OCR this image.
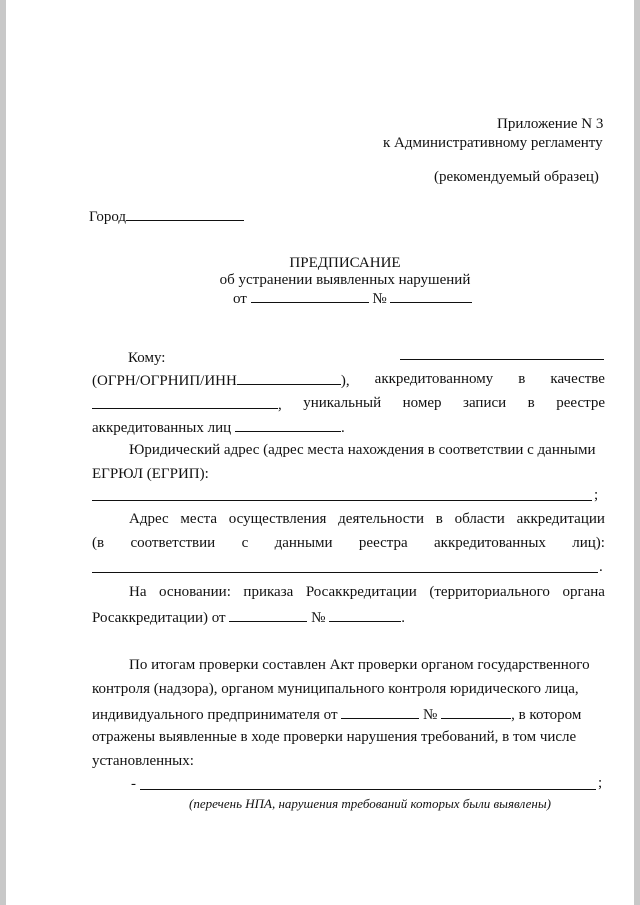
Приложение N 3
к Административному регламенту
(рекомендуемый образец)
Город
ПРЕДПИСАНИЕ
об устранении выявленных нарушений
от	№
Кому:
(ОГРН/ОГРНИП/ИНН	), аккредитованному в качестве
, уникальный номер записи в реестре
аккредитованных лиц	.
Юридический адрес (адрес места нахождения в соответствии с данными
ЕГРЮЛ (ЕГРИП):
;
Адрес места осуществления деятельности в области аккредитации
(в соответствии с данными реестра аккредитованных лиц):
.
На основании: приказа Росаккредитации (территориального органа
Росаккредитации) от	№	.
По итогам проверки составлен Акт проверки органом государственного
контроля (надзора), органом муниципального контроля юридического лица,
индивидуального предпринимателя от	№	, в котором
отражены выявленные в ходе проверки нарушения требований, в том числе
установленных:
-	;
(перечень НПА, нарушения требований которых были выявлены)
